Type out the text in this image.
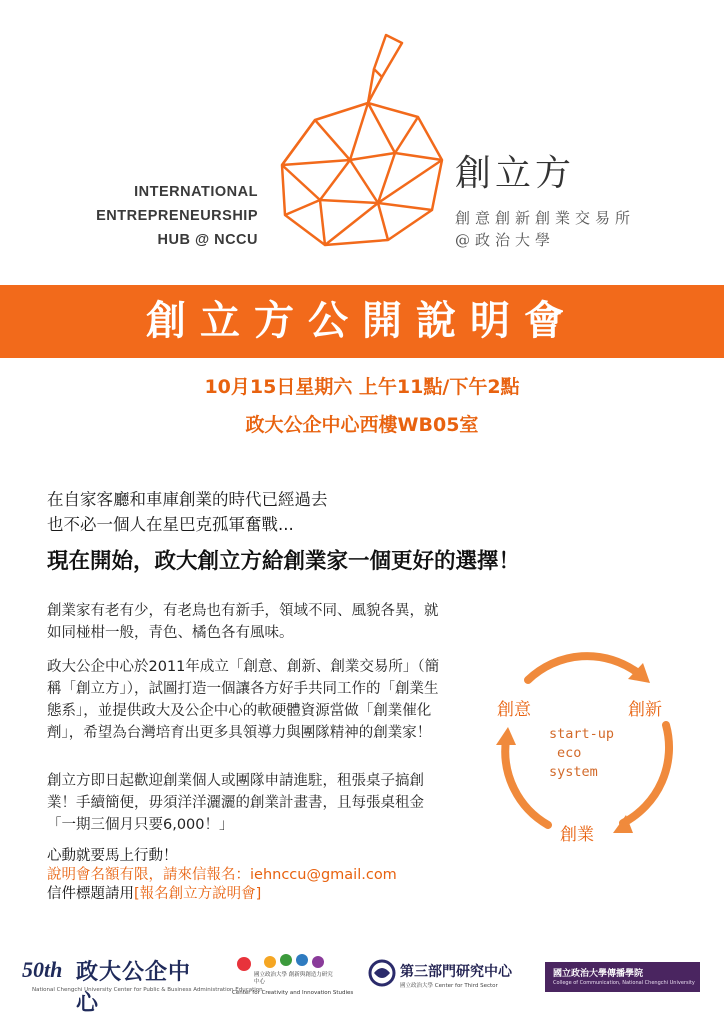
INTERNATIONAL
ENTREPRENEURSHIP
HUB @ NCCU
創立方
創意創新創業交易所
@政治大學
創立方公開說明會
10月15日星期六 上午11點/下午2點
政大公企中心西樓WB05室
在自家客廳和車庫創業的時代已經過去
也不必一個人在星巴克孤軍奮戰...
現在開始，政大創立方給創業家一個更好的選擇！
創業家有老有少，有老鳥也有新手，領域不同、風貌各異，就如同椪柑一般，青色、橘色各有風味。
政大公企中心於2011年成立「創意、創新、創業交易所」（簡稱「創立方」），試圖打造一個讓各方好手共同工作的「創業生態系」，並提供政大及公企中心的軟硬體資源當做「創業催化劑」，希望為台灣培育出更多具領導力與團隊精神的創業家！
創立方即日起歡迎創業個人或團隊申請進駐，租張桌子搞創業！手續簡便，毋須洋洋灑灑的創業計畫書，且每張桌租金「一期三個月只要6,000！」
心動就要馬上行動！
說明會名額有限，請來信報名：iehnccu@gmail.com
信件標題請用[報名創立方說明會]
創意	創新
創業
start-up
eco
system
50th 政大公企中心
National Chengchi University Center for Public & Business Administration Education
國立政治大學 創新與創造力研究中心
Center for Creativity and Innovation Studies
第三部門研究中心
國立政治大學 Center for Third Sector
國立政治大學傳播學院
College of Communication, National Chengchi University
